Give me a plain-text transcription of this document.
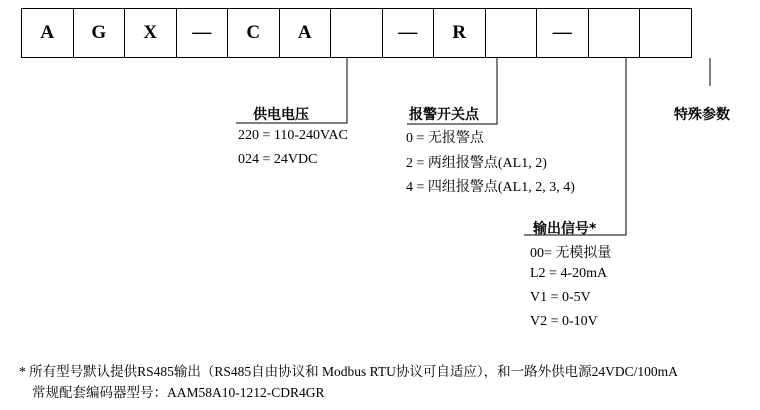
A	G	X	—	C	A	—	R	—
供电电压
220 = 110-240VAC
024 = 24VDC
报警开关点
0 = 无报警点
2 = 两组报警点(AL1, 2)
4 = 四组报警点(AL1, 2, 3, 4)
输出信号*
00= 无模拟量
L2 = 4-20mA
V1 = 0-5V
V2 = 0-10V
特殊参数
* 所有型号默认提供RS485输出（RS485自由协议和 Modbus RTU协议可自适应），和一路外供电源24VDC/100mA
常规配套编码器型号：AAM58A10-1212-CDR4GR
